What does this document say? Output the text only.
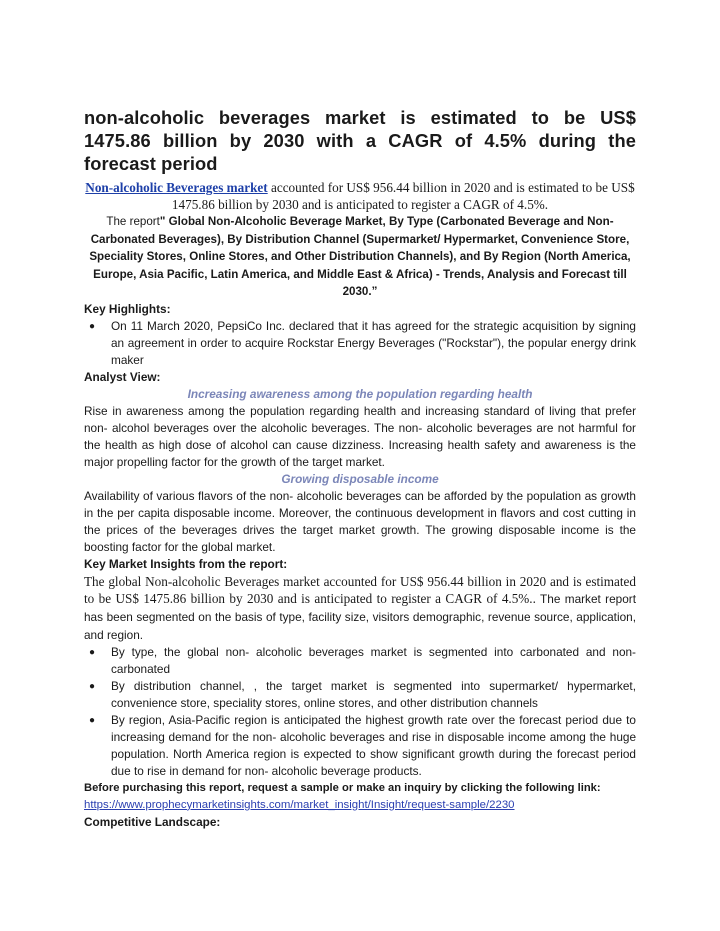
non-alcoholic beverages market is estimated to be US$ 1475.86 billion by 2030 with a CAGR of 4.5% during the forecast period

Non-alcoholic Beverages market accounted for US$ 956.44 billion in 2020 and is estimated to be US$ 1475.86 billion by 2030 and is anticipated to register a CAGR of 4.5%.

The report" Global Non-Alcoholic Beverage Market, By Type (Carbonated Beverage and Non-Carbonated Beverages), By Distribution Channel (Supermarket/ Hypermarket, Convenience Store, Speciality Stores, Online Stores, and Other Distribution Channels), and By Region (North America, Europe, Asia Pacific, Latin America, and Middle East & Africa) - Trends, Analysis and Forecast till 2030.”

Key Highlights:

● On 11 March 2020, PepsiCo Inc. declared that it has agreed for the strategic acquisition by signing an agreement in order to acquire Rockstar Energy Beverages ("Rockstar"), the popular energy drink maker

Analyst View:

Increasing awareness among the population regarding health

Rise in awareness among the population regarding health and increasing standard of living that prefer non- alcohol beverages over the alcoholic beverages. The non- alcoholic beverages are not harmful for the health as high dose of alcohol can cause dizziness. Increasing health safety and awareness is the major propelling factor for the growth of the target market.

Growing disposable income

Availability of various flavors of the non- alcoholic beverages can be afforded by the population as growth in the per capita disposable income. Moreover, the continuous development in flavors and cost cutting in the prices of the beverages drives the target market growth. The growing disposable income is the boosting factor for the global market.

Key Market Insights from the report:

The global Non-alcoholic Beverages market accounted for US$ 956.44 billion in 2020 and is estimated to be US$ 1475.86 billion by 2030 and is anticipated to register a CAGR of 4.5%.. The market report has been segmented on the basis of type, facility size, visitors demographic, revenue source, application, and region.

● By type, the global non- alcoholic beverages market is segmented into carbonated and non- carbonated
● By distribution channel, , the target market is segmented into supermarket/ hypermarket, convenience store, speciality stores, online stores, and other distribution channels
● By region, Asia-Pacific region is anticipated the highest growth rate over the forecast period due to increasing demand for the non- alcoholic beverages and rise in disposable income among the huge population. North America region is expected to show significant growth during the forecast period due to rise in demand for non- alcoholic beverage products.

Before purchasing this report, request a sample or make an inquiry by clicking the following link:

https://www.prophecymarketinsights.com/market_insight/Insight/request-sample/2230

Competitive Landscape:
